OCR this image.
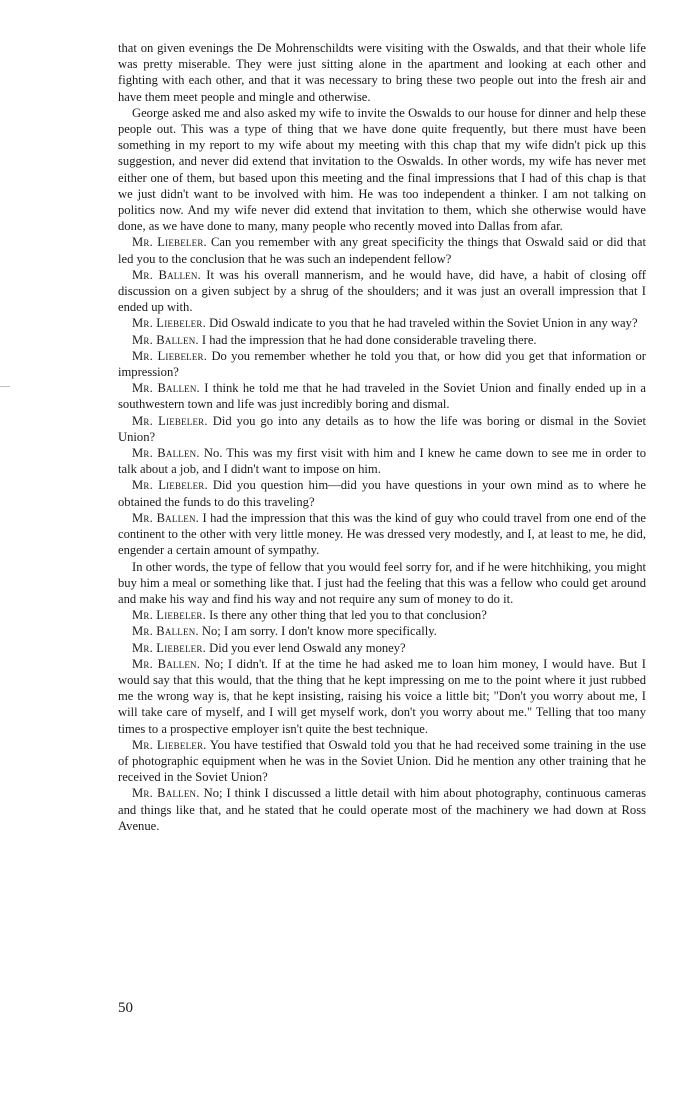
that on given evenings the De Mohrenschildts were visiting with the Oswalds, and that their whole life was pretty miserable. They were just sitting alone in the apartment and looking at each other and fighting with each other, and that it was necessary to bring these two people out into the fresh air and have them meet people and mingle and otherwise.

George asked me and also asked my wife to invite the Oswalds to our house for dinner and help these people out. This was a type of thing that we have done quite frequently, but there must have been something in my report to my wife about my meeting with this chap that my wife didn't pick up this suggestion, and never did extend that invitation to the Oswalds. In other words, my wife has never met either one of them, but based upon this meeting and the final impressions that I had of this chap is that we just didn't want to be involved with him. He was too independent a thinker. I am not talking on politics now. And my wife never did extend that invitation to them, which she otherwise would have done, as we have done to many, many people who recently moved into Dallas from afar.

Mr. Liebeler. Can you remember with any great specificity the things that Oswald said or did that led you to the conclusion that he was such an independent fellow?

Mr. Ballen. It was his overall mannerism, and he would have, did have, a habit of closing off discussion on a given subject by a shrug of the shoulders; and it was just an overall impression that I ended up with.

Mr. Liebeler. Did Oswald indicate to you that he had traveled within the Soviet Union in any way?

Mr. Ballen. I had the impression that he had done considerable traveling there.

Mr. Liebeler. Do you remember whether he told you that, or how did you get that information or impression?

Mr. Ballen. I think he told me that he had traveled in the Soviet Union and finally ended up in a southwestern town and life was just incredibly boring and dismal.

Mr. Liebeler. Did you go into any details as to how the life was boring or dismal in the Soviet Union?

Mr. Ballen. No. This was my first visit with him and I knew he came down to see me in order to talk about a job, and I didn't want to impose on him.

Mr. Liebeler. Did you question him—did you have questions in your own mind as to where he obtained the funds to do this traveling?

Mr. Ballen. I had the impression that this was the kind of guy who could travel from one end of the continent to the other with very little money. He was dressed very modestly, and I, at least to me, he did, engender a certain amount of sympathy.

In other words, the type of fellow that you would feel sorry for, and if he were hitchhiking, you might buy him a meal or something like that. I just had the feeling that this was a fellow who could get around and make his way and find his way and not require any sum of money to do it.

Mr. Liebeler. Is there any other thing that led you to that conclusion?

Mr. Ballen. No; I am sorry. I don't know more specifically.

Mr. Liebeler. Did you ever lend Oswald any money?

Mr. Ballen. No; I didn't. If at the time he had asked me to loan him money, I would have. But I would say that this would, that the thing that he kept impressing on me to the point where it just rubbed me the wrong way is, that he kept insisting, raising his voice a little bit; "Don't you worry about me, I will take care of myself, and I will get myself work, don't you worry about me." Telling that too many times to a prospective employer isn't quite the best technique.

Mr. Liebeler. You have testified that Oswald told you that he had received some training in the use of photographic equipment when he was in the Soviet Union. Did he mention any other training that he received in the Soviet Union?

Mr. Ballen. No; I think I discussed a little detail with him about photography, continuous cameras and things like that, and he stated that he could operate most of the machinery we had down at Ross Avenue.

50
